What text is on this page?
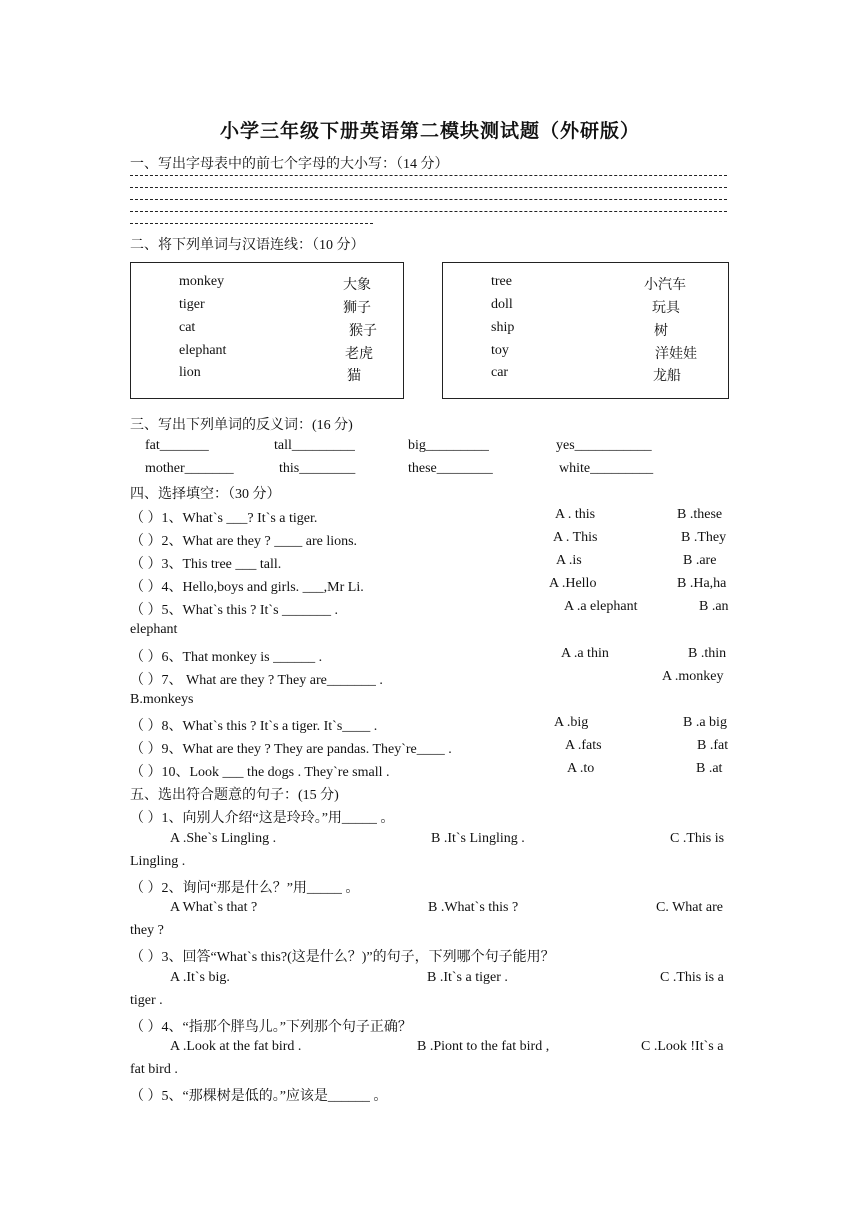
小学三年级下册英语第二模块测试题（外研版）
一、写出字母表中的前七个字母的大小写：（14 分）
二、将下列单词与汉语连线：（10 分）
monkey	大象
tiger	狮子
cat	猴子
elephant	老虎
lion	猫
tree	小汽车
doll	玩具
ship	树
toy	洋娃娃
car	龙船
三、写出下列单词的反义词：(16 分)
fat_______	tall_________	big_________	yes___________
mother_______	this________	these________	white_________
四、选择填空：（30 分）
（ ）1、What`s ___? It`s a tiger.	A . this	B .these
（ ）2、What are they ? ____ are lions.	A . This	B .They
（ ）3、This tree ___ tall.	A .is	B .are
（ ）4、Hello,boys and girls. ___,Mr Li.	A .Hello	B .Ha,ha
（ ）5、What`s this ? It`s _______ .	A .a elephant	B .an
elephant
（ ）6、That monkey is ______ .	A .a thin	B .thin
（ ）7、 What are they ? They are_______ .	A .monkey
B.monkeys
（ ）8、What`s this ? It`s a tiger. It`s____ .	A .big	B .a big
（ ）9、What are they ? They are pandas. They`re____ .	A .fats	B .fat
（ ）10、Look ___ the dogs . They`re small .	A .to	B .at
五、选出符合题意的句子：(15 分)
（ ）1、向别人介绍“这是玲玲。”用_____ 。
A .She`s Lingling .	B .It`s Lingling .	C .This is
Lingling .
（ ）2、询问“那是什么？”用_____ 。
A What`s that ?	B .What`s this ?	C. What are
they ?
（ ）3、回答“What`s this?(这是什么？)”的句子，下列哪个句子能用？
A .It`s big.	B .It`s a tiger .	C .This is a
tiger .
（ ）4、“指那个胖鸟儿。”下列那个句子正确？
A .Look at the fat bird .	B .Piont to the fat bird ,	C .Look !It`s a
fat bird .
（ ）5、“那棵树是低的。”应该是______ 。
